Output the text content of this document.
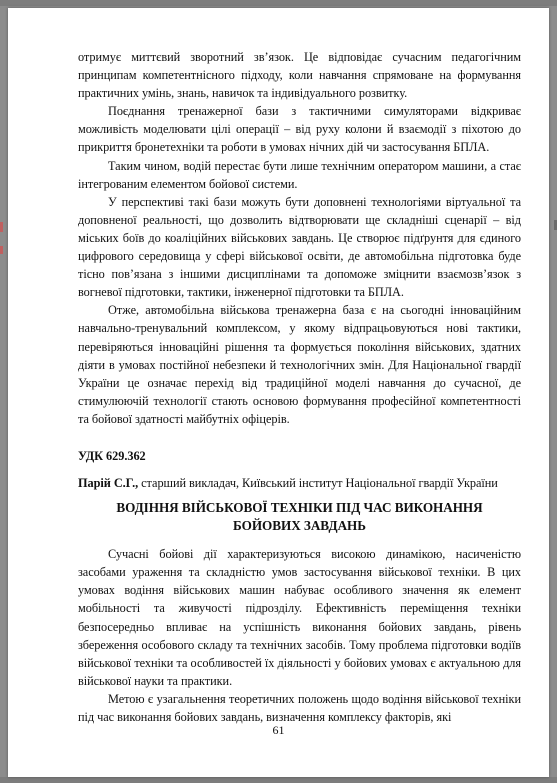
отримує миттєвий зворотний зв’язок. Це відповідає сучасним педагогічним принципам компетентнісного підходу, коли навчання спрямоване на формування практичних умінь, знань, навичок та індивідуального розвитку.

Поєднання тренажерної бази з тактичними симуляторами відкриває можливість моделювати цілі операції – від руху колони й взаємодії з піхотою до прикриття бронетехніки та роботи в умовах нічних дій чи застосування БПЛА.

Таким чином, водій перестає бути лише технічним оператором машини, а стає інтегрованим елементом бойової системи.

У перспективі такі бази можуть бути доповнені технологіями віртуальної та доповненої реальності, що дозволить відтворювати ще складніші сценарії – від міських боїв до коаліційних військових завдань. Це створює підґрунтя для єдиного цифрового середовища у сфері військової освіти, де автомобільна підготовка буде тісно пов’язана з іншими дисциплінами та допоможе зміцнити взаємозв’язок з вогневої підготовки, тактики, інженерної підготовки та БПЛА.

Отже, автомобільна військова тренажерна база є на сьогодні інноваційним навчально-тренувальний комплексом, у якому відпрацьовуються нові тактики, перевіряються інноваційні рішення та формується покоління військових, здатних діяти в умовах постійної небезпеки й технологічних змін. Для Національної гвардії України це означає перехід від традиційної моделі навчання до сучасної, де стимулюючій технології стають основою формування професійної компетентності та бойової здатності майбутніх офіцерів.

УДК 629.362

Парій С.Г., старший викладач, Київський інститут Національної гвардії України

ВОДІННЯ ВІЙСЬКОВОЇ ТЕХНІКИ ПІД ЧАС ВИКОНАННЯ БОЙОВИХ ЗАВДАНЬ

Сучасні бойові дії характеризуються високою динамікою, насиченістю засобами ураження та складністю умов застосування військової техніки. В цих умовах водіння військових машин набуває особливого значення як елемент мобільності та живучості підрозділу. Ефективність переміщення техніки безпосередньо впливає на успішність виконання бойових завдань, рівень збереження особового складу та технічних засобів. Тому проблема підготовки водіїв військової техніки та особливостей їх діяльності у бойових умовах є актуальною для військової науки та практики.

Метою є узагальнення теоретичних положень щодо водіння військової техніки під час виконання бойових завдань, визначення комплексу факторів, які

61
